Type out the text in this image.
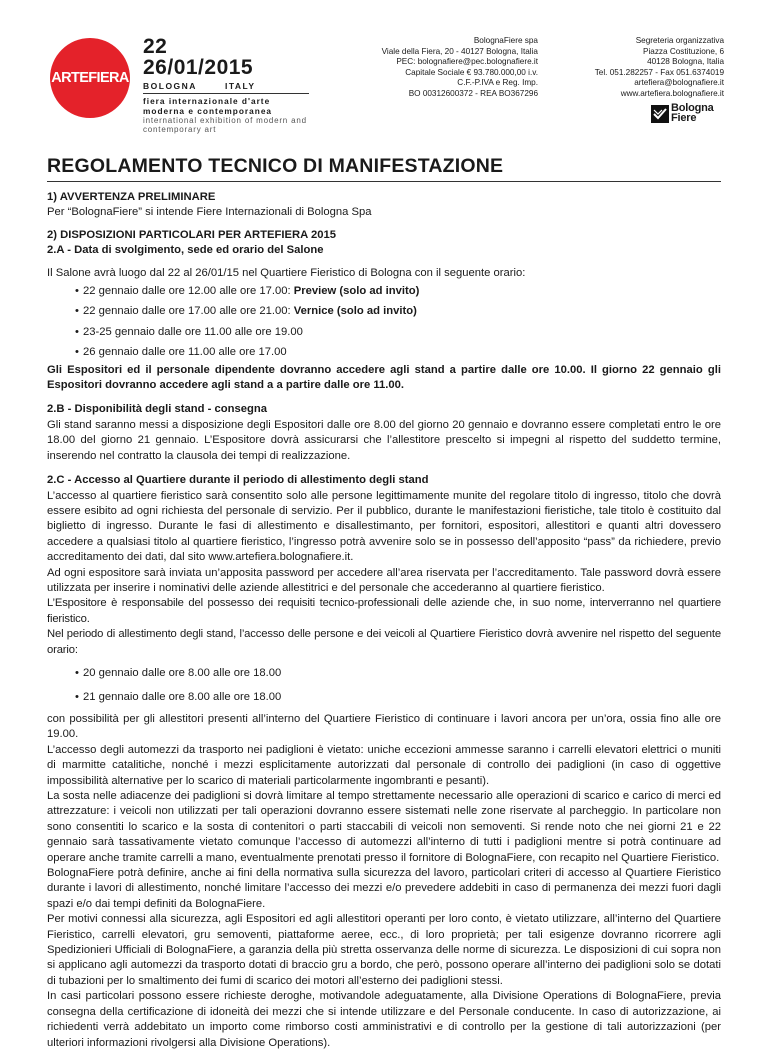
ARTEFIERA
22
26/01/2015
BOLOGNA	ITALY
fiera internazionale d'arte moderna e contemporanea
international exhibition of modern and contemporary art
BolognaFiere spa
Viale della Fiera, 20 - 40127 Bologna, Italia
PEC: bolognafiere@pec.bolognafiere.it
Capitale Sociale € 93.780.000,00 i.v.
C.F.-P.IVA e Reg. Imp.
BO 00312600372 - REA BO367296
Segreteria organizzativa
Piazza Costituzione, 6
40128 Bologna, Italia
Tel. 051.282257 - Fax 051.6374019
artefiera@bolognafiere.it
www.artefiera.bolognafiere.it
Bologna
Fiere
REGOLAMENTO TECNICO DI MANIFESTAZIONE

1) AVVERTENZA PRELIMINARE

Per “BolognaFiere” si intende Fiere Internazionali di Bologna Spa

2) DISPOSIZIONI PARTICOLARI PER ARTEFIERA 2015

2.A - Data di svolgimento, sede ed orario del Salone

Il Salone avrà luogo dal 22 al 26/01/15 nel Quartiere Fieristico di Bologna con il seguente orario:

• 22 gennaio dalle ore 12.00 alle ore 17.00: Preview (solo ad invito)
• 22 gennaio dalle ore 17.00 alle ore 21.00: Vernice (solo ad invito)
• 23-25 gennaio dalle ore 11.00 alle ore 19.00
• 26 gennaio dalle ore 11.00 alle ore 17.00

Gli Espositori ed il personale dipendente dovranno accedere agli stand a partire dalle ore 10.00. Il giorno 22 gennaio gli Espositori dovranno accedere agli stand a a partire dalle ore 11.00.

2.B - Disponibilità degli stand - consegna

Gli stand saranno messi a disposizione degli Espositori dalle ore 8.00 del giorno 20 gennaio e dovranno essere completati entro le ore 18.00 del giorno 21 gennaio. L’Espositore dovrà assicurarsi che l’allestitore prescelto si impegni al rispetto del suddetto termine, inserendo nel contratto la clausola dei tempi di realizzazione.

2.C - Accesso al Quartiere durante il periodo di allestimento degli stand

L’accesso al quartiere fieristico sarà consentito solo alle persone legittimamente munite del regolare titolo di ingresso, titolo che dovrà essere esibito ad ogni richiesta del personale di servizio. Per il pubblico, durante le manifestazioni fieristiche, tale titolo è costituito dal biglietto di ingresso. Durante le fasi di allestimento e disallestimanto, per fornitori, espositori, allestitori e quanti altri dovessero accedere a qualsiasi titolo al quartiere fieristico, l’ingresso potrà avvenire solo se in possesso dell’apposito “pass” da richiedere, previo accreditamento dei dati, dal sito www.artefiera.bolognafiere.it.

Ad ogni espositore sarà inviata un’apposita password per accedere all’area riservata per l’accreditamento. Tale password dovrà essere utilizzata per inserire i nominativi delle aziende allestitrici e del personale che accederanno al quartiere fieristico.

L’Espositore è responsabile del possesso dei requisiti tecnico-professionali delle aziende che, in suo nome, interverranno nel quartiere fieristico.

Nel periodo di allestimento degli stand, l’accesso delle persone e dei veicoli al Quartiere Fieristico dovrà avvenire nel rispetto del seguente orario:

• 20 gennaio dalle ore 8.00 alle ore 18.00
• 21 gennaio dalle ore 8.00 alle ore 18.00

con possibilità per gli allestitori presenti all’interno del Quartiere Fieristico di continuare i lavori ancora per un’ora, ossia fino alle ore 19.00.

L’accesso degli automezzi da trasporto nei padiglioni è vietato: uniche eccezioni ammesse saranno i carrelli elevatori elettrici o muniti di marmitte catalitiche, nonché i mezzi esplicitamente autorizzati dal personale di controllo dei padiglioni (in caso di oggettive impossibilità alternative per lo scarico di materiali particolarmente ingombranti e pesanti).

La sosta nelle adiacenze dei padiglioni si dovrà limitare al tempo strettamente necessario alle operazioni di scarico e carico di merci ed attrezzature: i veicoli non utilizzati per tali operazioni dovranno essere sistemati nelle zone riservate al parcheggio. In particolare non sono consentiti lo scarico e la sosta di contenitori o parti staccabili di veicoli non semoventi. Si rende noto che nei giorni 21 e 22 gennaio sarà tassativamente vietato comunque l’accesso di automezzi all’interno di tutti i padiglioni mentre si potrà continuare ad operare anche tramite carrelli a mano, eventualmente prenotati presso il fornitore di BolognaFiere, con recapito nel Quartiere Fieristico.

BolognaFiere potrà definire, anche ai fini della normativa sulla sicurezza del lavoro, particolari criteri di accesso al Quartiere Fieristico durante i lavori di allestimento, nonché limitare l’accesso dei mezzi e/o prevedere addebiti in caso di permanenza dei mezzi fuori dagli spazi e/o dai tempi definiti da BolognaFiere.

Per motivi connessi alla sicurezza, agli Espositori ed agli allestitori operanti per loro conto, è vietato utilizzare, all’interno del Quartiere Fieristico, carrelli elevatori, gru semoventi, piattaforme aeree, ecc., di loro proprietà; per tali esigenze dovranno ricorrere agli Spedizionieri Ufficiali di BolognaFiere, a garanzia della più stretta osservanza delle norme di sicurezza. Le disposizioni di cui sopra non si applicano agli automezzi da trasporto dotati di braccio gru a bordo, che però, possono operare all’interno dei padiglioni solo se dotati di tubazioni per lo smaltimento dei fumi di scarico dei motori all’esterno dei padiglioni stessi.

In casi particolari possono essere richieste deroghe, motivandole adeguatamente, alla Divisione Operations di BolognaFiere, previa consegna della certificazione di idoneità dei mezzi che si intende utilizzare e del Personale conducente. In caso di autorizzazione, ai richiedenti verrà addebitato un importo come rimborso costi amministrativi e di controllo per la gestione di tali autorizzazioni (per ulteriori informazioni rivolgersi alla Divisione Operations).
